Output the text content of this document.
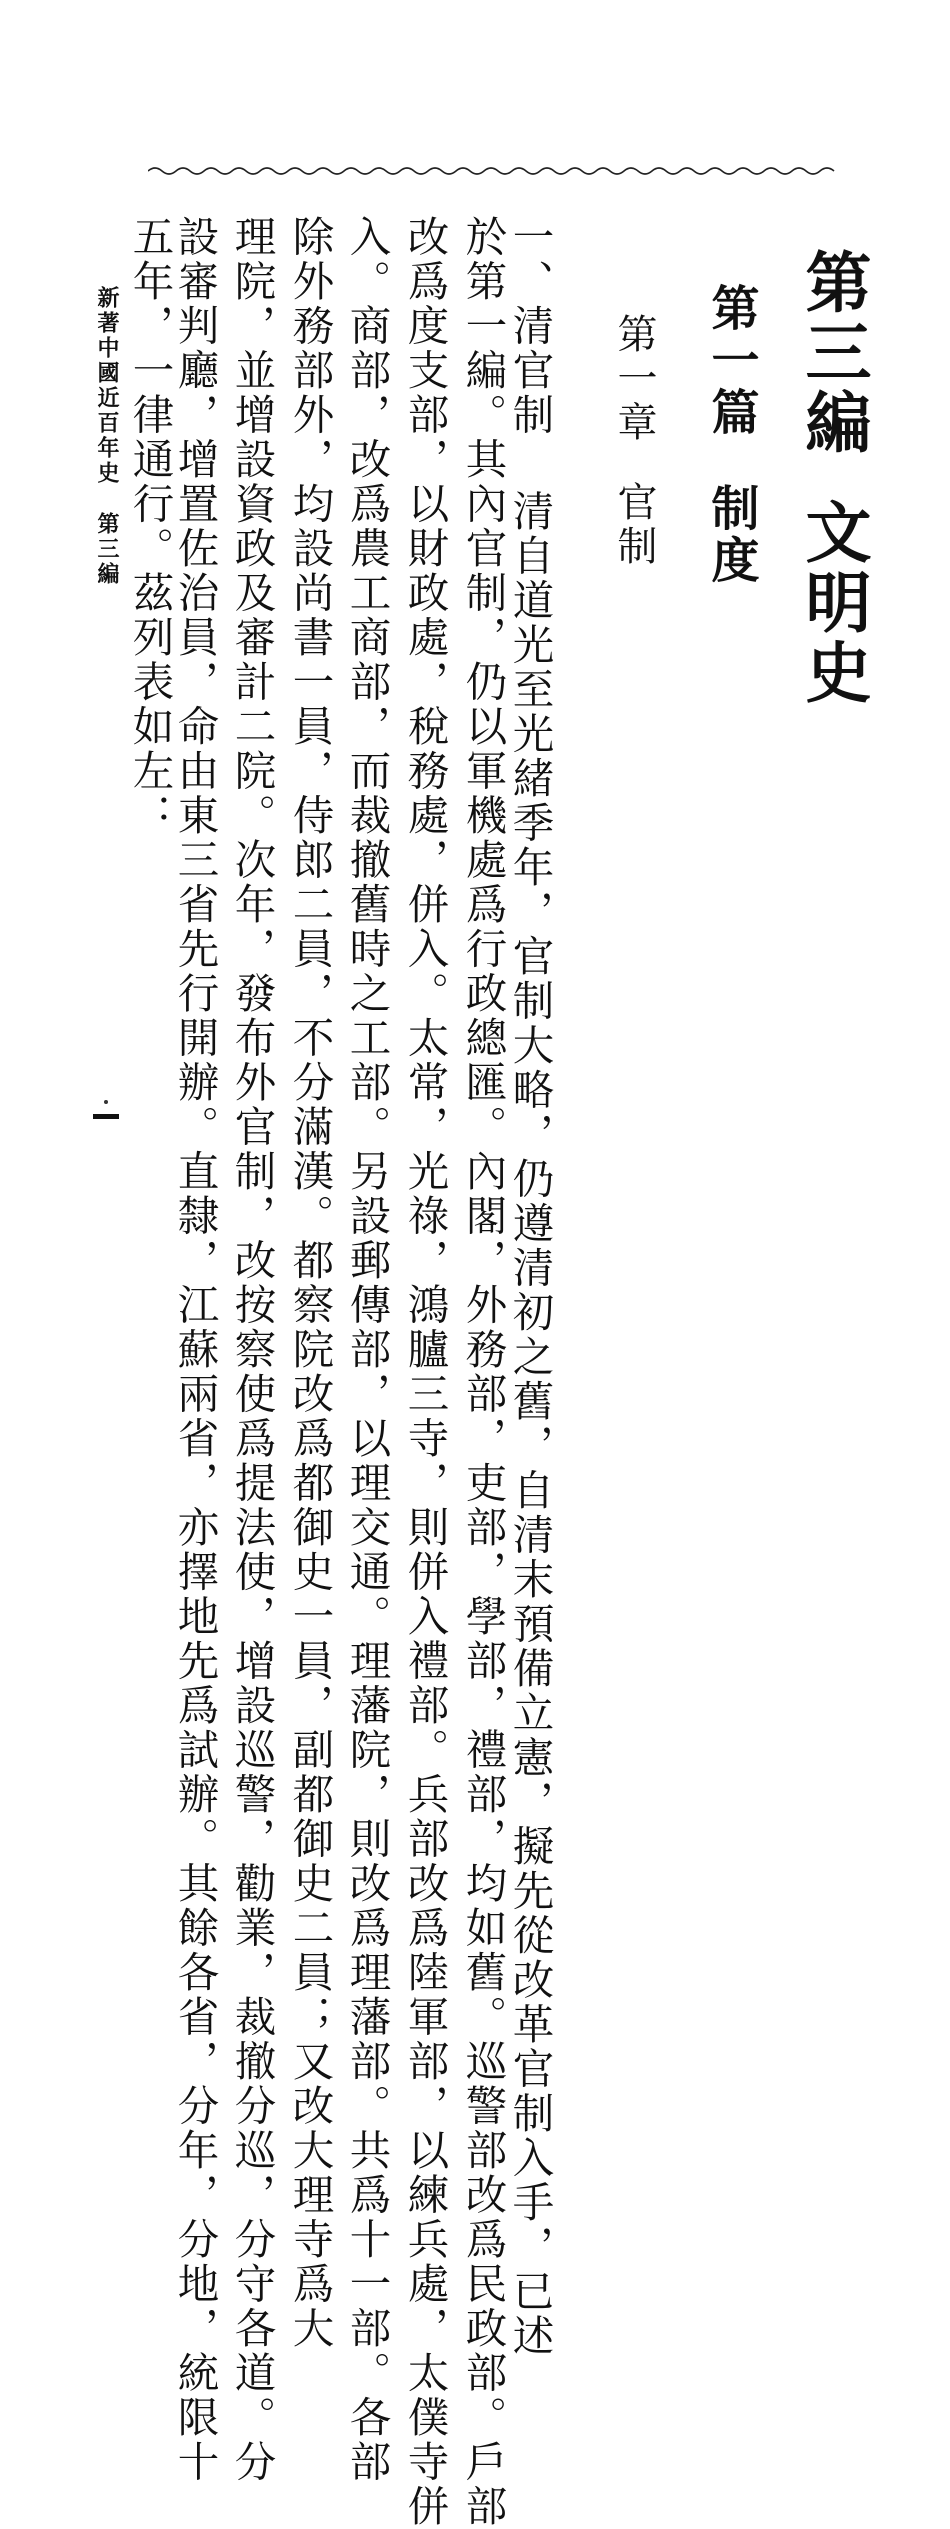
第三編文明史
第一篇制度
第一章官制
一、清官制 清自道光至光緒季年，官制大略，仍遵清初之舊，自清末預備立憲，擬先從改革官制入手，已述
於第一編。其內官制，仍以軍機處爲行政總匯。內閣，外務部，吏部，學部，禮部，均如舊。巡警部改爲民政部。戶部
改爲度支部，以財政處，稅務處，併入。太常，光祿，鴻臚三寺，則併入禮部。兵部改爲陸軍部，以練兵處，太僕寺併
入。商部，改爲農工商部，而裁撤舊時之工部。另設郵傳部，以理交通。理藩院，則改爲理藩部。共爲十一部。各部
除外務部外，均設尚書一員，侍郎二員，不分滿漢。都察院改爲都御史一員，副都御史二員；又改大理寺爲大
理院，並增設資政及審計二院。次年，發布外官制，改按察使爲提法使，增設巡警，勸業，裁撤分巡，分守各道。分
設審判廳，增置佐治員，命由東三省先行開辦。直隸，江蘇兩省，亦擇地先爲試辦。其餘各省，分年，分地，統限十
五年，一律通行。茲列表如左：
新著中國近百年史第三編
